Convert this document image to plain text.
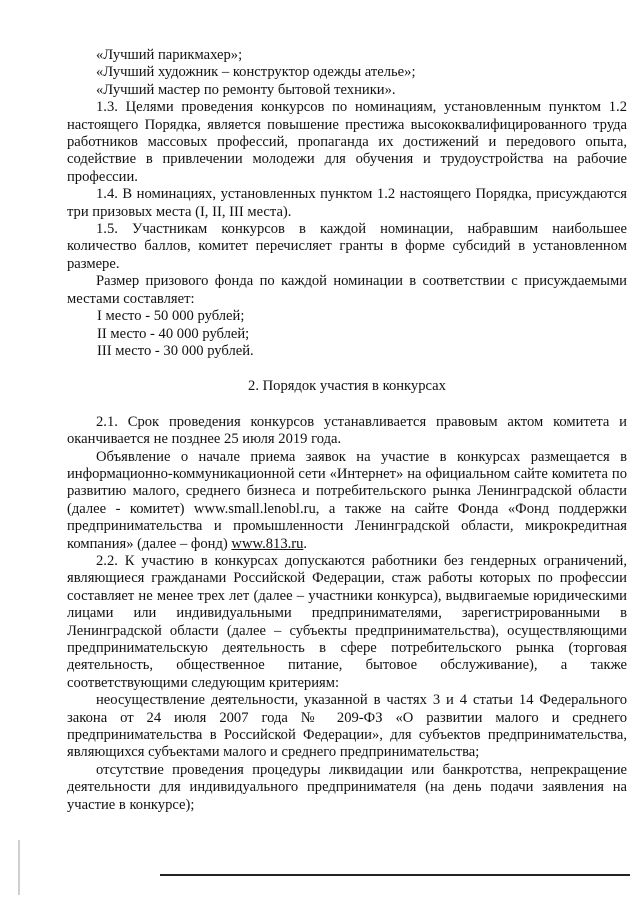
«Лучший парикмахер»;

«Лучший художник – конструктор одежды ателье»;

«Лучший мастер по ремонту бытовой техники».

1.3. Целями проведения конкурсов по номинациям, установленным пунктом 1.2 настоящего Порядка, является повышение престижа высококвалифицированного труда работников массовых профессий, пропаганда их достижений и передового опыта, содействие в привлечении молодежи для обучения и трудоустройства на рабочие профессии.

1.4. В номинациях, установленных пунктом 1.2 настоящего Порядка, присуждаются три призовых места (I, II, III места).

1.5. Участникам конкурсов в каждой номинации, набравшим наибольшее количество баллов, комитет перечисляет гранты в форме субсидий в установленном размере.

Размер призового фонда по каждой номинации в соответствии с присуждаемыми местами составляет:

I место - 50 000 рублей;

II место - 40 000 рублей;

III место - 30 000 рублей.

2. Порядок участия в конкурсах

2.1. Срок проведения конкурсов устанавливается правовым актом комитета и оканчивается не позднее 25 июля 2019 года.

Объявление о начале приема заявок на участие в конкурсах размещается в информационно-коммуникационной сети «Интернет» на официальном сайте комитета по развитию малого, среднего бизнеса и потребительского рынка Ленинградской области (далее - комитет) www.small.lenobl.ru, а также на сайте Фонда «Фонд поддержки предпринимательства и промышленности Ленинградской области, микрокредитная компания» (далее – фонд) www.813.ru.

2.2. К участию в конкурсах допускаются работники без гендерных ограничений, являющиеся гражданами Российской Федерации, стаж работы которых по профессии составляет не менее трех лет (далее – участники конкурса), выдвигаемые юридическими лицами или индивидуальными предпринимателями, зарегистрированными в Ленинградской области (далее – субъекты предпринимательства), осуществляющими предпринимательскую деятельность в сфере потребительского рынка (торговая деятельность, общественное питание, бытовое обслуживание), а также соответствующими следующим критериям:

неосуществление деятельности, указанной в частях 3 и 4 статьи 14 Федерального закона от 24 июля 2007 года № 209-ФЗ «О развитии малого и среднего предпринимательства в Российской Федерации», для субъектов предпринимательства, являющихся субъектами малого и среднего предпринимательства;

отсутствие проведения процедуры ликвидации или банкротства, непрекращение деятельности для индивидуального предпринимателя (на день подачи заявления на участие в конкурсе);
